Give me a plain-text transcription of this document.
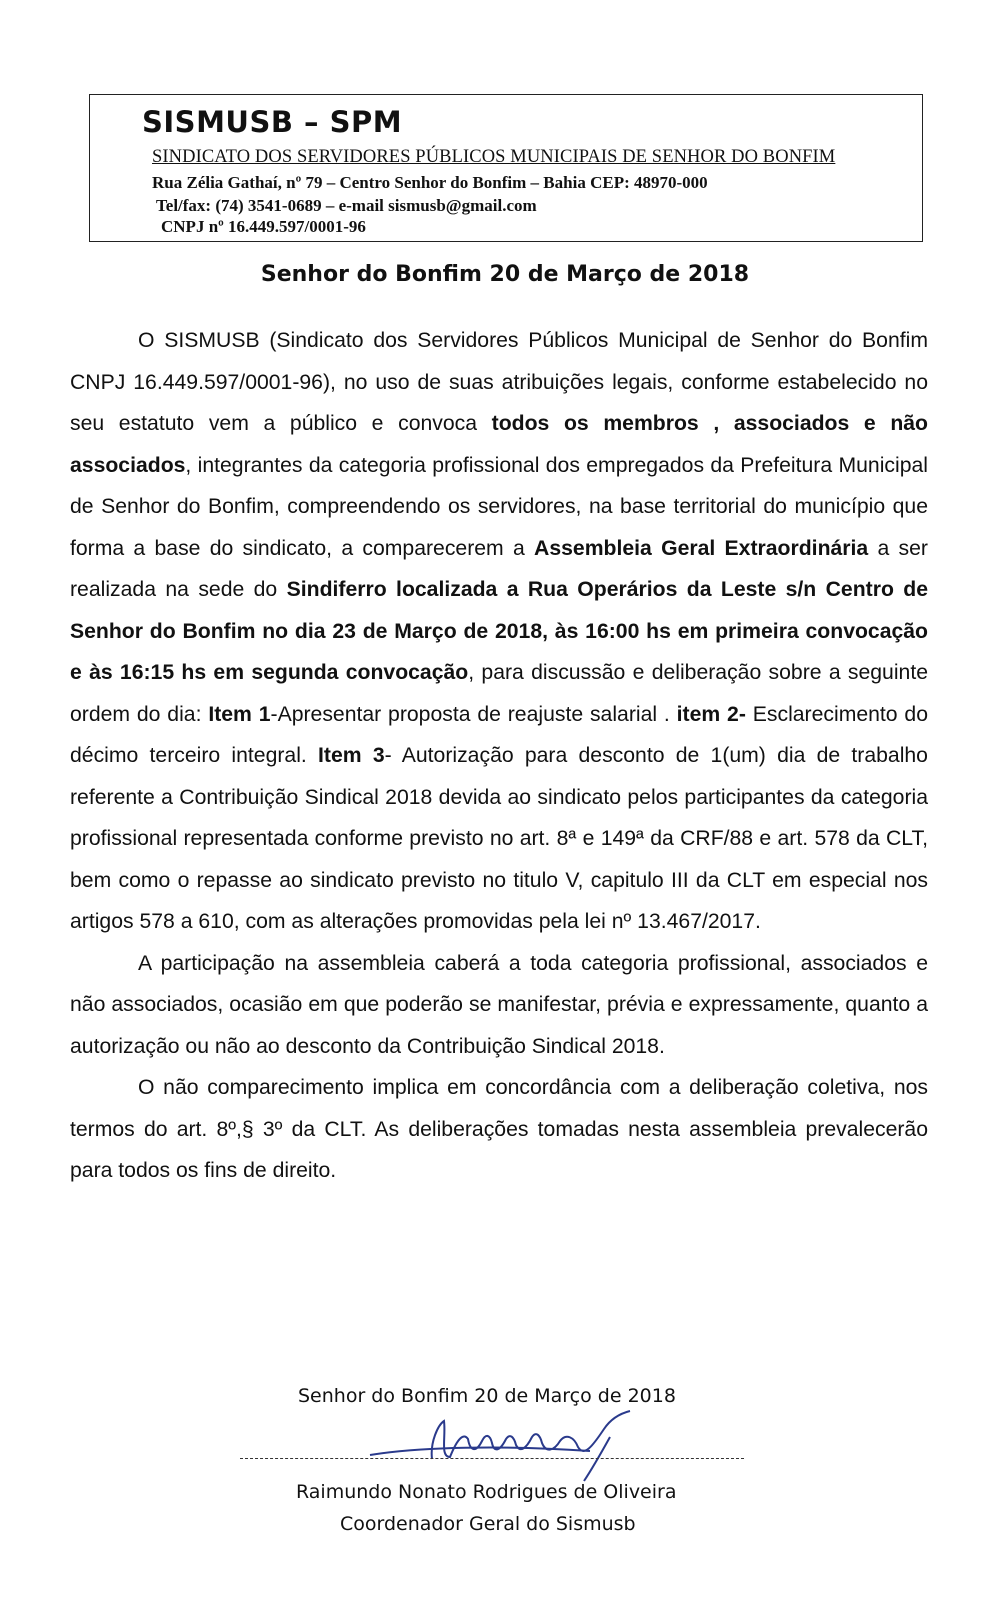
SISMUSB – SPM
SINDICATO DOS SERVIDORES PÚBLICOS MUNICIPAIS DE SENHOR DO BONFIM
Rua Zélia Gathaí, nº 79 – Centro Senhor do Bonfim – Bahia CEP: 48970-000
Tel/fax: (74) 3541-0689 – e-mail sismusb@gmail.com
CNPJ nº 16.449.597/0001-96
Senhor do Bonfim 20 de Março de 2018

O SISMUSB (Sindicato dos Servidores Públicos Municipal de Senhor do Bonfim CNPJ 16.449.597/0001-96), no uso de suas atribuições legais, conforme estabelecido no seu estatuto vem a público e convoca todos os membros , associados e não associados, integrantes da categoria profissional dos empregados da Prefeitura Municipal de Senhor do Bonfim, compreendendo os servidores, na base territorial do município que forma a base do sindicato, a comparecerem a Assembleia Geral Extraordinária a ser realizada na sede do Sindiferro localizada a Rua Operários da Leste s/n Centro de Senhor do Bonfim no dia 23 de Março de 2018, às 16:00 hs em primeira convocação e às 16:15 hs em segunda convocação, para discussão e deliberação sobre a seguinte ordem do dia: Item 1-Apresentar proposta de reajuste salarial . item 2- Esclarecimento do décimo terceiro integral. Item 3- Autorização para desconto de 1(um) dia de trabalho referente a Contribuição Sindical 2018 devida ao sindicato pelos participantes da categoria profissional representada conforme previsto no art. 8ª e 149ª da CRF/88 e art. 578 da CLT, bem como o repasse ao sindicato previsto no titulo V, capitulo III da CLT em especial nos artigos 578 a 610, com as alterações promovidas pela lei nº 13.467/2017.

A participação na assembleia caberá a toda categoria profissional, associados e não associados, ocasião em que poderão se manifestar, prévia e expressamente, quanto a autorização ou não ao desconto da Contribuição Sindical 2018.

O não comparecimento implica em concordância com a deliberação coletiva, nos termos do art. 8º,§ 3º da CLT. As deliberações tomadas nesta assembleia prevalecerão para todos os fins de direito.

Senhor do Bonfim 20 de Março de 2018
Raimundo Nonato Rodrigues de Oliveira
Coordenador Geral do Sismusb
